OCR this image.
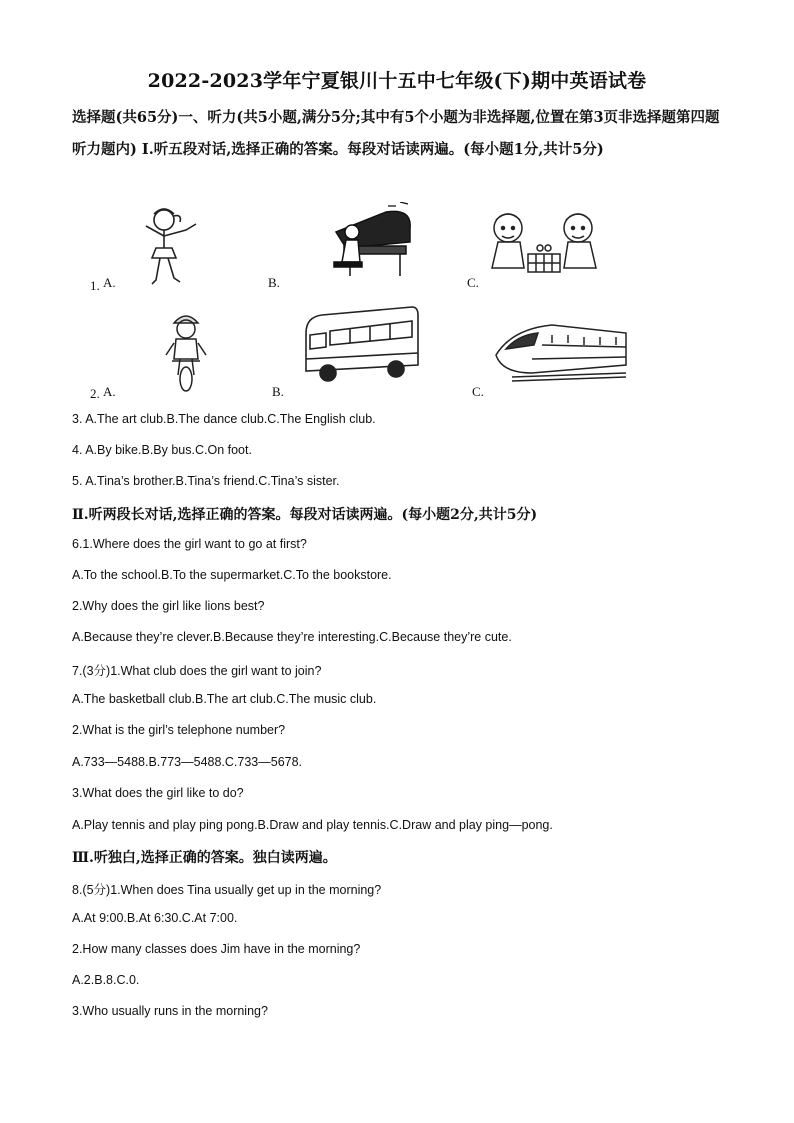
2022-2023学年宁夏银川十五中七年级(下)期中英语试卷
选择题(共65分)一、听力(共5小题,满分5分;其中有5个小题为非选择题,位置在第3页非选择题第四题听力题内) Ⅰ.听五段对话,选择正确的答案。每段对话读两遍。(每小题1分,共计5分)
1. A.	B.	C.
2. A.	B.	C.
3. A.The art club.B.The dance club.C.The English club.
4. A.By bike.B.By bus.C.On foot.
5. A.Tina’s brother.B.Tina’s friend.C.Tina’s sister.
Ⅱ.听两段长对话,选择正确的答案。每段对话读两遍。(每小题2分,共计5分)
6.1.Where does the girl want to go at first?
A.To the school.B.To the supermarket.C.To the bookstore.
2.Why does the girl like lions best?
A.Because they’re clever.B.Because they’re interesting.C.Because they’re cute.
7.(3分)1.What club does the girl want to join?
A.The basketball club.B.The art club.C.The music club.
2.What is the girl’s telephone number?
A.733—5488.B.773—5488.C.733—5678.
3.What does the girl like to do?
A.Play tennis and play ping pong.B.Draw and play tennis.C.Draw and play ping—pong.
Ⅲ.听独白,选择正确的答案。独白读两遍。
8.(5分)1.When does Tina usually get up in the morning?
A.At 9:00.B.At 6:30.C.At 7:00.
2.How many classes does Jim have in the morning?
A.2.B.8.C.0.
3.Who usually runs in the morning?
